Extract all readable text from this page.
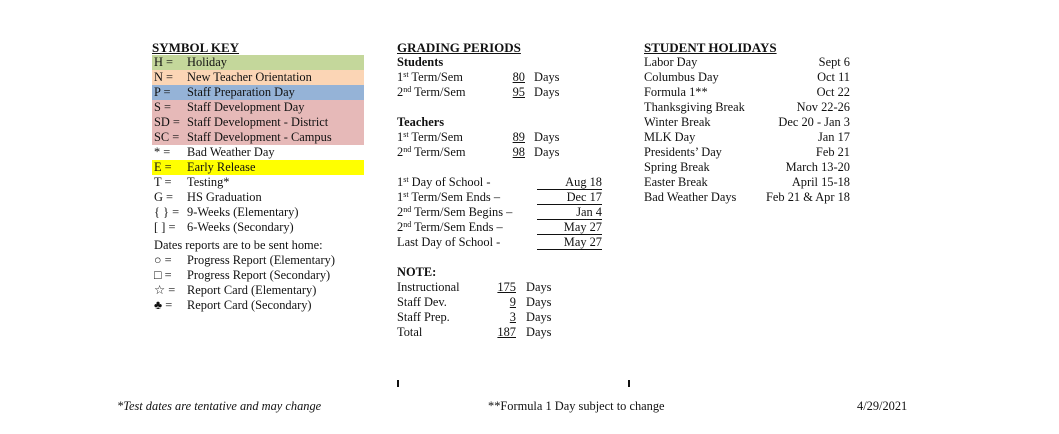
SYMBOL KEY
H =	Holiday
N =	New Teacher Orientation
P =	Staff Preparation Day
S =	Staff Development Day
SD = Staff Development - District
SC = Staff Development - Campus
* =	Bad Weather Day
E =	Early Release
T =	Testing*
G =	HS Graduation
{ } = 9-Weeks (Elementary)
[ ] = 6-Weeks (Secondary)
Dates reports are to be sent home:
○ =	Progress Report (Elementary)
□ =	Progress Report (Secondary)
☆ = Report Card (Elementary)
♣ =	Report Card (Secondary)
GRADING PERIODS
Students
1st Term/Sem	80 Days
2nd Term/Sem	95 Days
Teachers
1st Term/Sem	89 Days
2nd Term/Sem	98 Days
1st Day of School -	Aug 18
1st Term/Sem Ends –	Dec 17
2nd Term/Sem Begins –	Jan 4
2nd Term/Sem Ends –	May 27
Last Day of School -	May 27
NOTE:
Instructional	175 Days
Staff Dev.	9 Days
Staff Prep.	3 Days
Total	187 Days
STUDENT HOLIDAYS
Labor Day	Sept 6
Columbus Day	Oct 11
Formula 1**	Oct 22
Thanksgiving Break	Nov 22-26
Winter Break	Dec 20 - Jan 3
MLK Day	Jan 17
Presidents’ Day	Feb 21
Spring Break	March 13-20
Easter Break	April 15-18
Bad Weather Days Feb 21 & Apr 18
*Test dates are tentative and may change	**Formula 1 Day subject to change	4/29/2021
